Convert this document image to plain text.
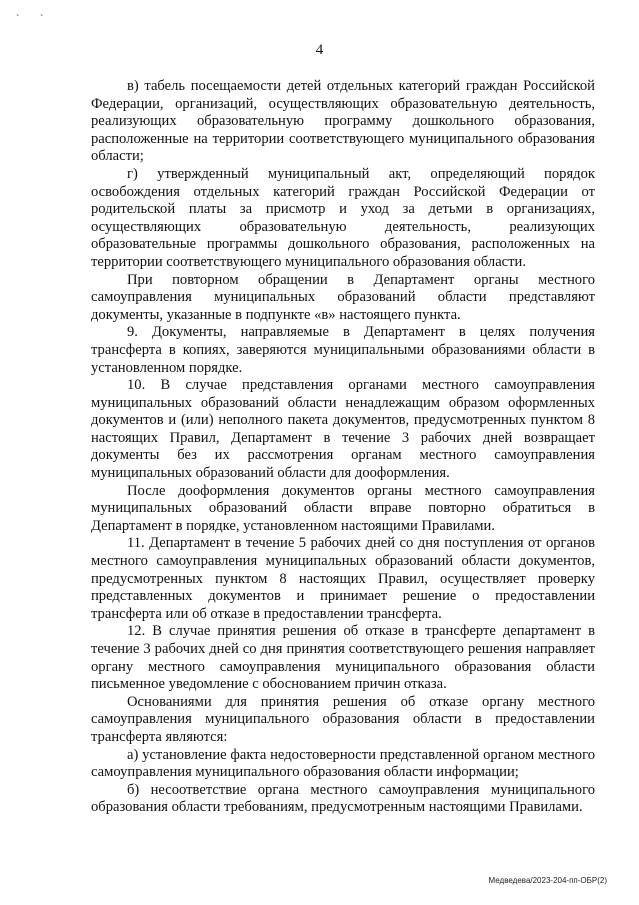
` `
4

в) табель посещаемости детей отдельных категорий граждан Российской Федерации, организаций, осуществляющих образовательную деятельность, реализующих образовательную программу дошкольного образования, расположенные на территории соответствующего муниципального образования области;

г) утвержденный муниципальный акт, определяющий порядок освобождения отдельных категорий граждан Российской Федерации от родительской платы за присмотр и уход за детьми в организациях, осуществляющих образовательную деятельность, реализующих образовательные программы дошкольного образования, расположенных на территории соответствующего муниципального образования области.

При повторном обращении в Департамент органы местного самоуправления муниципальных образований области представляют документы, указанные в подпункте «в» настоящего пункта.

9. Документы, направляемые в Департамент в целях получения трансферта в копиях, заверяются муниципальными образованиями области в установленном порядке.

10. В случае представления органами местного самоуправления муниципальных образований области ненадлежащим образом оформленных документов и (или) неполного пакета документов, предусмотренных пунктом 8 настоящих Правил, Департамент в течение 3 рабочих дней возвращает документы без их рассмотрения органам местного самоуправления муниципальных образований области для дооформления.

После дооформления документов органы местного самоуправления муниципальных образований области вправе повторно обратиться в Департамент в порядке, установленном настоящими Правилами.

11. Департамент в течение 5 рабочих дней со дня поступления от органов местного самоуправления муниципальных образований области документов, предусмотренных пунктом 8 настоящих Правил, осуществляет проверку представленных документов и принимает решение о предоставлении трансферта или об отказе в предоставлении трансферта.

12. В случае принятия решения об отказе в трансферте департамент в течение 3 рабочих дней со дня принятия соответствующего решения направляет органу местного самоуправления муниципального образования области письменное уведомление с обоснованием причин отказа.

Основаниями для принятия решения об отказе органу местного самоуправления муниципального образования области в предоставлении трансферта являются:

а) установление факта недостоверности представленной органом местного самоуправления муниципального образования области информации;

б) несоответствие органа местного самоуправления муниципального образования области требованиям, предусмотренным настоящими Правилами.

Медведева/2023-204-пп-ОБР(2)
